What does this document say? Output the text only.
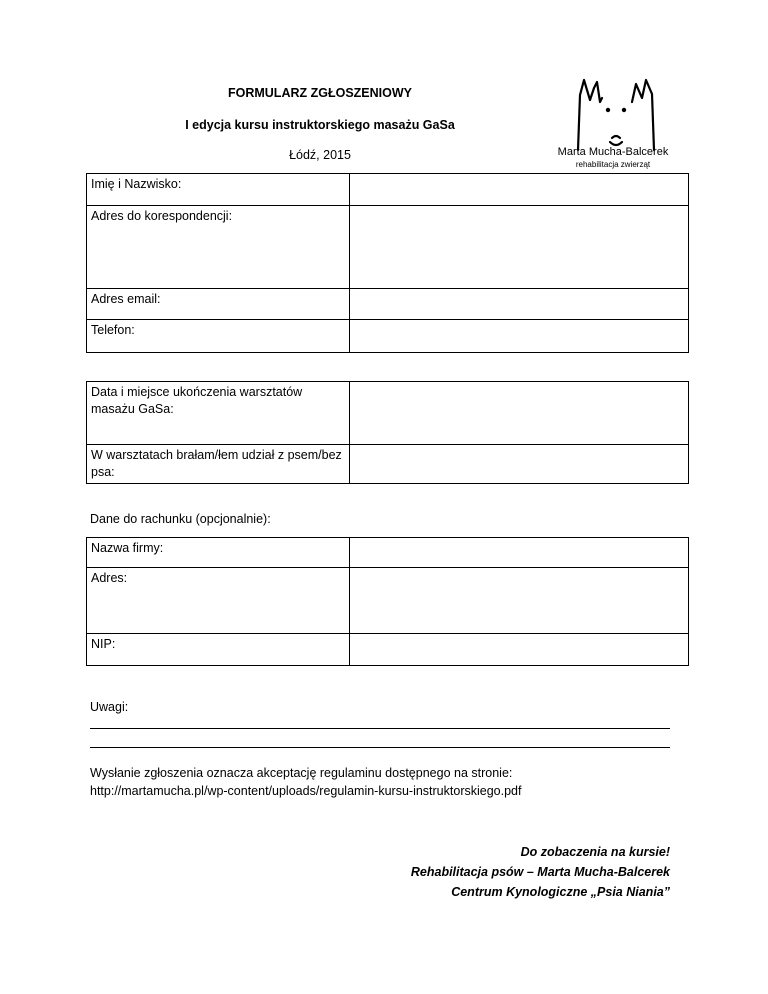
FORMULARZ ZGŁOSZENIOWY
I edycja kursu instruktorskiego masażu GaSa
Łódź, 2015	Marta Mucha-Balcerek
rehabilitacja zwierząt
Imię i Nazwisko:	
Adres do korespondencji:	
Adres email:	
Telefon:	
Data i miejsce ukończenia warsztatów masażu GaSa:	
W warsztatach brałam/łem udział z psem/bez psa:	
Dane do rachunku (opcjonalnie):
Nazwa firmy:	
Adres:	
NIP:	
Uwagi:
Wysłanie zgłoszenia oznacza akceptację regulaminu dostępnego na stronie:
http://martamucha.pl/wp-content/uploads/regulamin-kursu-instruktorskiego.pdf
Do zobaczenia na kursie!
Rehabilitacja psów – Marta Mucha-Balcerek
Centrum Kynologiczne „Psia Niania”
